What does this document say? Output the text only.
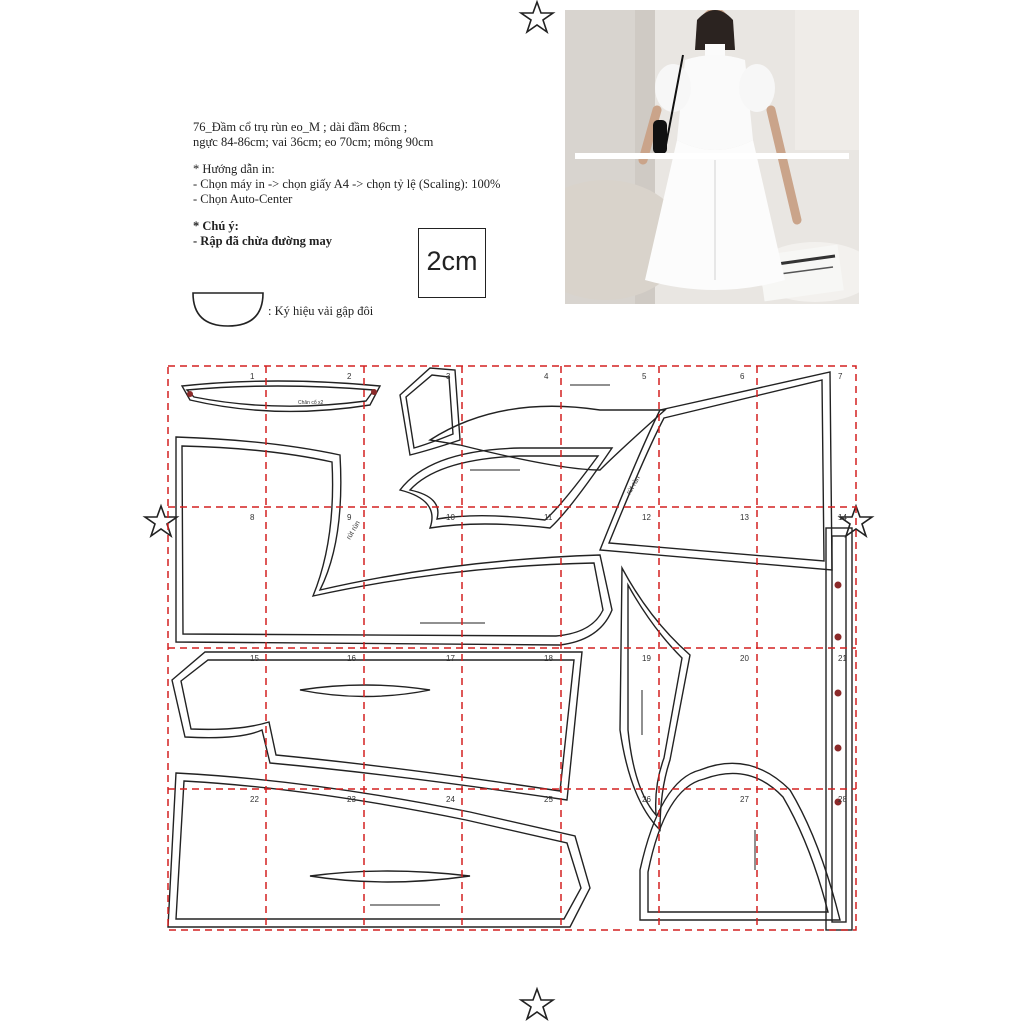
76_Đầm cổ trụ rùn eo_M ; dài đầm 86cm ;
ngực 84-86cm; vai 36cm; eo 70cm; mông 90cm
* Hướng dẫn in:
- Chọn máy in -> chọn giấy A4 -> chọn tỷ lệ (Scaling): 100%
- Chọn Auto-Center
* Chú ý:
- Rập đã chừa đường may
2cm
: Ký hiệu vải gập đôi
Chân cổ x2
rút rùn
rút rùn
1	2	3	4	5	6	7
8	9	10	11	12	13	14
15	16	17	18	19	20	21
22	23	24	25	26	27	28
